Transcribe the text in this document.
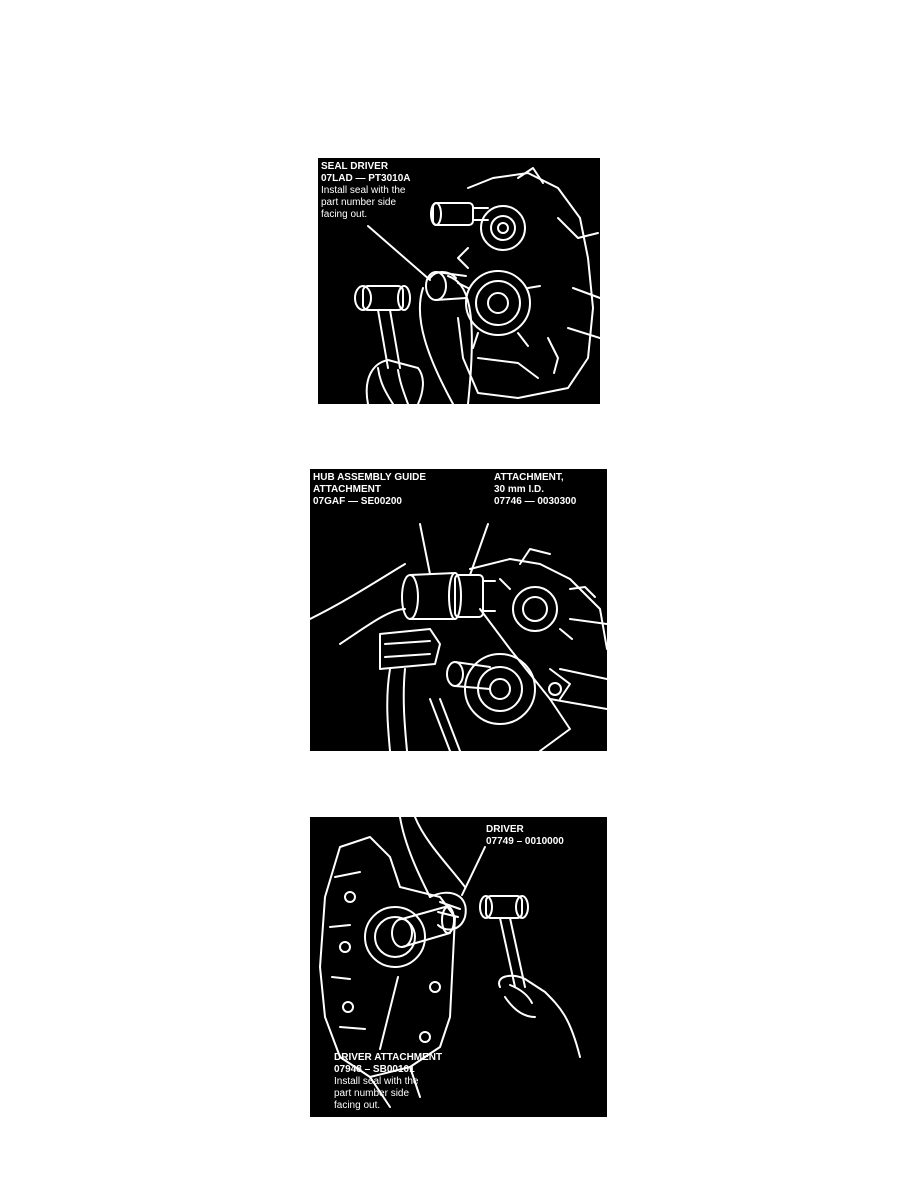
SEAL DRIVER
07LAD — PT3010A
Install seal with the
part number side
facing out.
HUB ASSEMBLY GUIDE
ATTACHMENT
07GAF — SE00200
ATTACHMENT,
30 mm I.D.
07746 — 0030300
DRIVER
07749 – 0010000
DRIVER ATTACHMENT
07948 – SB00101
Install seal with the
part number side
facing out.
